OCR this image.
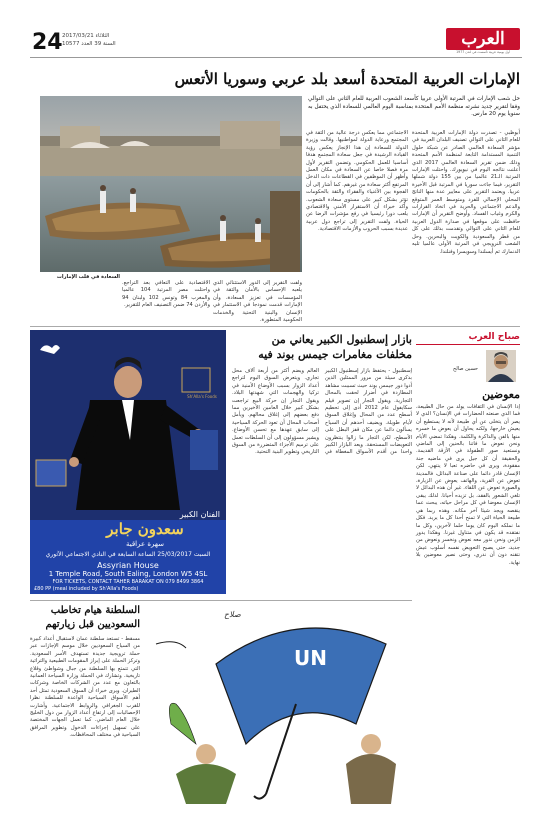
24 الثلاثاء 2017/03/21
السنة 39 العدد 10577	العرب
أول يومية عربية تأسست في لندن 1977
الإمارات العربية المتحدة أسعد بلد عربي وسوريا الأتعس
حل شعب الإمارات في المرتبة الأولى عربيا كأسعد الشعوب العربية للعام الثاني على التوالي وفقا لتقرير جديد نشرته منظمة الأمم المتحدة بمناسبة اليوم العالمي للسعادة الذي يحتفل به سنويا يوم 20 مارس.
السعادة في قلب الإمارات
أبوظبي - تصدرت دولة الإمارات العربية المتحدة للعام الثاني على التوالي تصنيف البلدان العربية في مؤشر السعادة العالمي الصادر عن شبكة حلول التنمية المستدامة التابعة لمنظمة الأمم المتحدة وذلك ضمن تقرير السعادة العالمي 2017 الذي أعلنت نتائجه اليوم في نيويورك. واحتلت الإمارات المرتبة الـ21 عالميا من بين 155 دولة شملها التقرير، فيما جاءت سوريا في المرتبة قبل الأخيرة عربيا. ويعتمد التقرير على معايير عدة منها الناتج المحلي الإجمالي للفرد ومتوسط العمر المتوقع والدعم الاجتماعي والحرية في اتخاذ القرارات والكرم وغياب الفساد. وأوضح التقرير أن الإمارات حافظت على موقعها في صدارة الدول العربية للعام الثاني على التوالي وتقدمت بذلك على كل من قطر والسعودية والكويت والبحرين. وحل الشعب النرويجي في المرتبة الأولى عالميا تليه الدنمارك ثم أيسلندا وسويسرا وفنلندا.
الاجتماعي مما يعكس درجة عالية من الثقة في المجتمع ورعاية الدولة لمواطنيها. وقالت وزيرة الدولة للسعادة إن هذا الإنجاز يعكس رؤية القيادة الرشيدة في جعل سعادة المجتمع هدفا أساسيا للعمل الحكومي. وتضمن التقرير لأول مرة فصلا خاصا عن السعادة في مكان العمل وأظهر أن الموظفين في القطاعات ذات الدخل المرتفع أكثر سعادة من غيرهم. كما أشار إلى أن الفجوة بين الأغنياء والفقراء والثقة بالحكومات تؤثر بشكل كبير على مستوى سعادة الشعوب. وأكد خبراء أن الاستقرار الأمني والاقتصادي يلعب دورا رئيسيا في رفع مؤشرات الرضا عن الحياة. ولفت التقرير إلى تراجع دول عربية عديدة بسبب الحروب والأزمات الاقتصادية.
ولفت التقرير إلى الدور الاستثنائي الذي يلعبه الإحساس بالأمان والثقة في المؤسسات في تعزيز السعادة، وأن الإمارات قدمت نموذجا في الاستثمار في الإنسان والبنية التحتية والخدمات الحكومية المتطورة.
الاقتصادية على التعافي بعد التراجع. واحتلت مصر المرتبة 104 عالميا والمغرب 84 وتونس 102 ولبنان 94 والأردن 74 ضمن التصنيف العام للتقرير.
Sh'Alla's Foods
الفنان الكبير
سعدون جابر
سهرة عراقية
السبت 25/03/2017 الساعة السابعة في النادي الاجتماعي الآثوري
Assyrian House
1 Temple Road, South Ealing, London W5 4SL
FOR TICKETS, CONTACT TAHER BARAKAT ON 079 8499 3864
£80 PP (meal included by Sh'Alla's Foods)
بازار إسطنبول الكبير يعاني من مخلفات مغامرات جيمس بوند فيه
إسطنبول - يحتفظ بازار إسطنبول الكبير بذكرى سيئة من مرور الممثلين الذين أدوا دور جيمس بوند حيث تسببت مشاهد المطاردة في أضرار لحقت بالمحال التجارية. ويقول التجار إن تصوير فيلم سكايفول عام 2012 أدى إلى تحطيم أسطح عدد من المحال وإغلاق السوق لأيام طويلة. ويضيف أحدهم أن السياح يسألون دائما عن مكان قفز البطل على الأسطح، لكن التجار ما زالوا ينتظرون التعويضات المستحقة. ويعد البازار الكبير واحدا من أقدم الأسواق المغطاة في العالم ويضم أكثر من أربعة آلاف محل تجاري. ويتعرض السوق اليوم لتراجع أعداد الزوار بسبب الأوضاع الأمنية في تركيا والهجمات التي شهدتها البلاد. ويقول التجار إن حركة البيع تراجعت بشكل كبير خلال العامين الأخيرين مما دفع بعضهم إلى إغلاق محالهم. ويأمل أصحاب المحال أن تعود الحركة السياحية إلى سابق عهدها مع تحسن الأوضاع. ويشير مسؤولون إلى أن السلطات تعمل على ترميم الأجزاء المتضررة من السوق التاريخي وتطوير البنية التحتية.
صباح العرب
حسين صالح
معوضين
إذا الإنسان في الثقافات يولد من حال الطبيعة، فما الذي صنعته الحضارات في الإنسان؟ الذي لا يصر أن يتخلى عن أي طبيعة لأنه لا يستطيع أن يعيش خارجها، ولكنه يحاول أن يعوض ما خسره منها بالفن والذاكرة والكلمة. وهكذا تمضي الأيام ونحن نعوض ما فاتنا بالحنين إلى الماضي ونستعيد صور الطفولة في الأزقة القديمة. والحقيقة أن كل جيل يرى في ماضيه جنة مفقودة، ويرى في حاضره تعبا لا ينتهي. لكن الإنسان قادر دائما على صناعة البدائل، فالمدينة تعوض عن القرية، والهاتف يعوض عن الزيارة، والصورة تعوض عن اللقاء. غير أن هذه البدائل لا تلغي الشعور بالفقد، بل تزيده أحيانا. لذلك يبقى الإنسان معوضا في كل مراحل حياته، يبحث عما ينقصه ويجد شيئا آخر مكانه. وهذه ربما هي طبيعة الحياة التي لا تمنح أحدا كل ما يريد. فكل ما نملكه اليوم كان يوما حلما لآخرين، وكل ما نفتقده قد يكون في متناول غيرنا. وهكذا يدور الزمن ونحن ندور معه نعوض ونخسر ونعوض من جديد، حتى يصبح التعويض نفسه أسلوب عيش نتقنه دون أن ندري، وحتى نصير معوضين بلا نهاية.
السلطنة هيام تخاطب السعوديين قبل زيارتهم
مسقط - تستعد سلطنة عمان لاستقبال أعداد كبيرة من السياح السعوديين خلال موسم الإجازات عبر حملة ترويجية جديدة تستهدف الأسر السعودية. وتركز الحملة على إبراز المقومات الطبيعية والتراثية التي تتمتع بها السلطنة من جبال وشواطئ وقلاع تاريخية. وتشارك في الحملة وزارة السياحة العمانية بالتعاون مع عدد من الشركات الخاصة وشركات الطيران. ويرى خبراء أن السوق السعودية تمثل أحد أهم الأسواق السياحية الواعدة للسلطنة نظرا للقرب الجغرافي والروابط الاجتماعية. وأشارت الإحصائيات إلى ارتفاع أعداد الزوار من دول الخليج خلال العام الماضي. كما تعمل الجهات المختصة على تسهيل إجراءات الدخول وتطوير المرافق السياحية في مختلف المحافظات.
UN
صلاح
